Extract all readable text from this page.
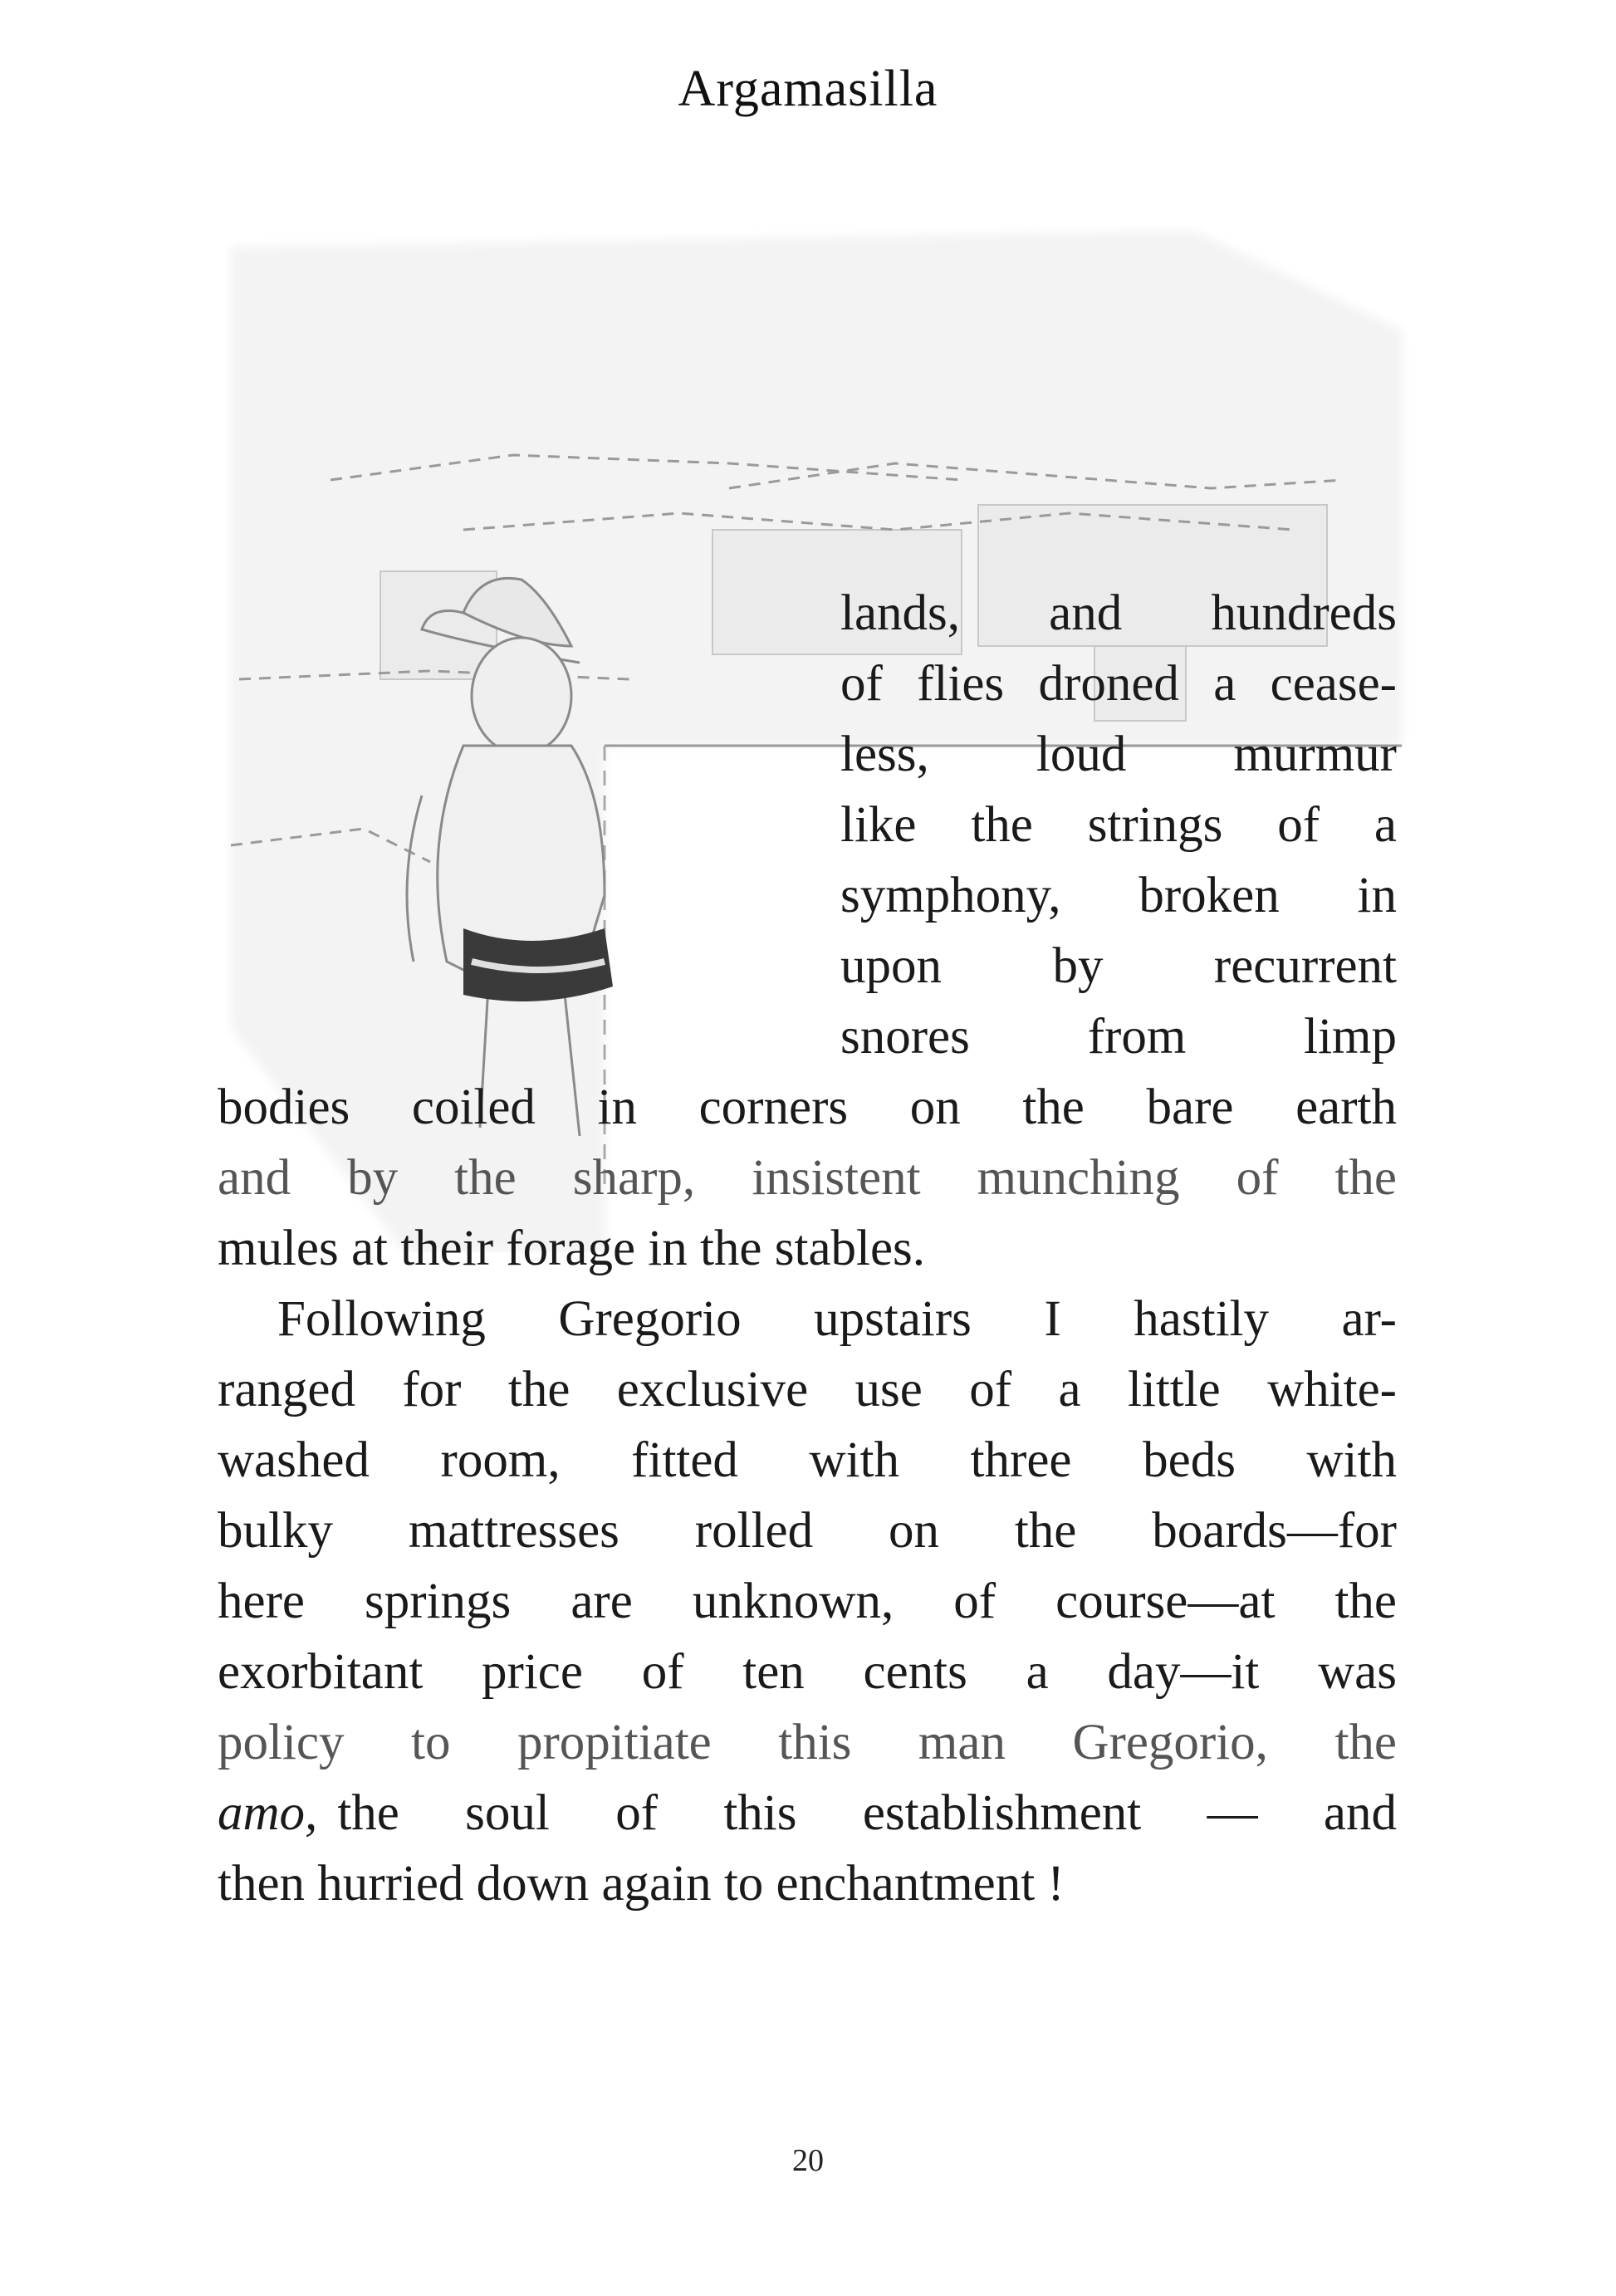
Argamasilla
lands, and hundreds
of flies droned a cease-
less, loud murmur
like the strings of a
symphony, broken in
upon by recurrent
snores from limp
bodies coiled in corners on the bare earth
and by the sharp, insistent munching of the
mules at their forage in the stables.
Following Gregorio upstairs I hastily ar-
ranged for the exclusive use of a little white-
washed room, fitted with three beds with
bulky mattresses rolled on the boards—for
here springs are unknown, of course—at the
exorbitant price of ten cents a day—it was
policy to propitiate this man Gregorio, the
amo, the soul of this establishment — and
then hurried down again to enchantment !
20
